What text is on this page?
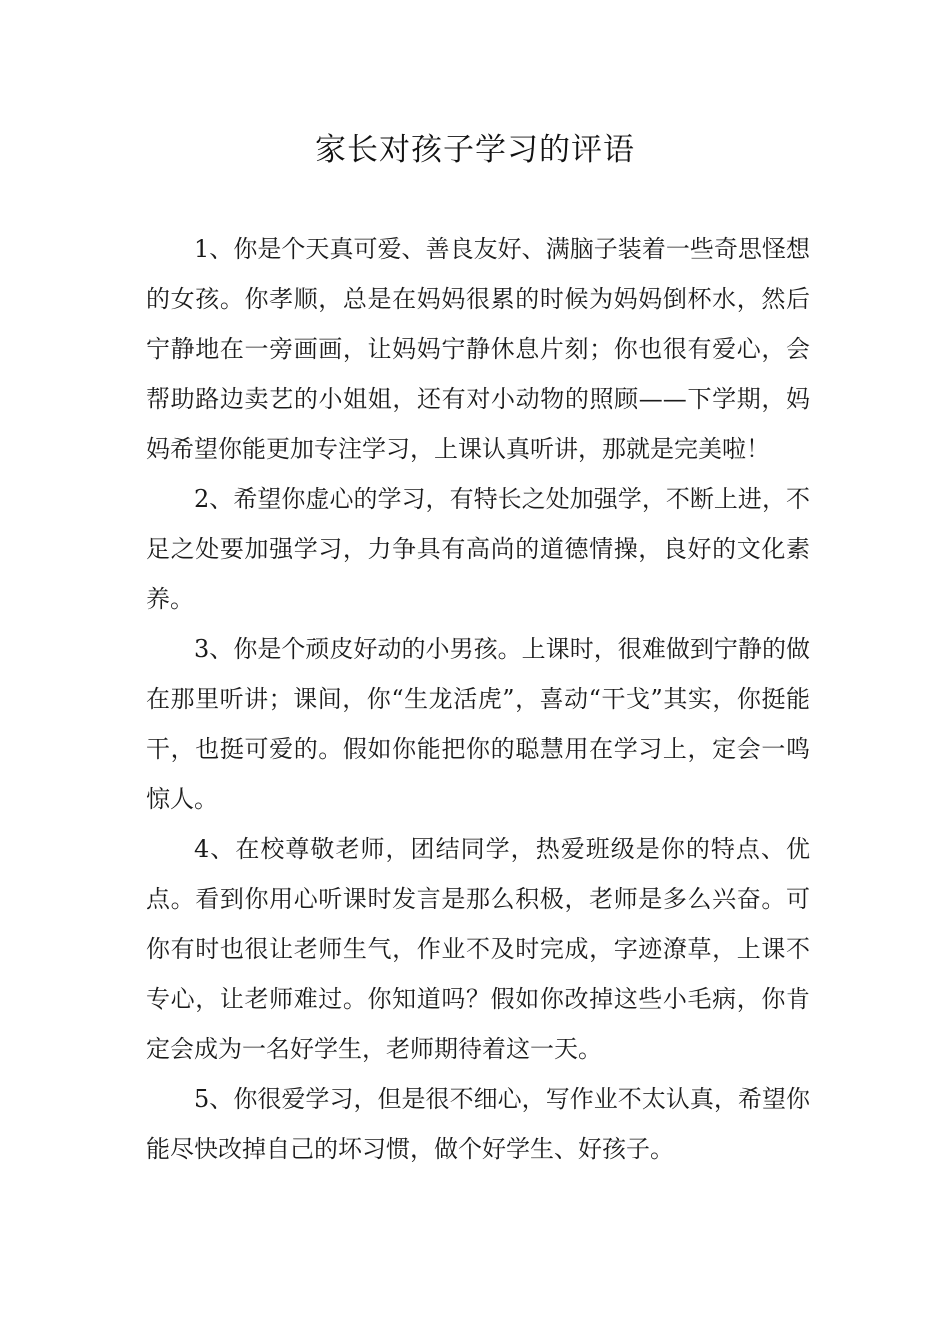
家长对孩子学习的评语

1、你是个天真可爱、善良友好、满脑子装着一些奇思怪想的女孩。你孝顺，总是在妈妈很累的时候为妈妈倒杯水，然后宁静地在一旁画画，让妈妈宁静休息片刻；你也很有爱心，会帮助路边卖艺的小姐姐，还有对小动物的照顾——下学期，妈妈希望你能更加专注学习，上课认真听讲，那就是完美啦！

2、希望你虚心的学习，有特长之处加强学，不断上进，不足之处要加强学习，力争具有高尚的道德情操，良好的文化素养。

3、你是个顽皮好动的小男孩。上课时，很难做到宁静的做在那里听讲；课间，你“生龙活虎”，喜动“干戈”其实，你挺能干，也挺可爱的。假如你能把你的聪慧用在学习上，定会一鸣惊人。

4、在校尊敬老师，团结同学，热爱班级是你的特点、优点。看到你用心听课时发言是那么积极，老师是多么兴奋。可你有时也很让老师生气，作业不及时完成，字迹潦草，上课不专心，让老师难过。你知道吗？假如你改掉这些小毛病，你肯定会成为一名好学生，老师期待着这一天。

5、你很爱学习，但是很不细心，写作业不太认真，希望你能尽快改掉自己的坏习惯，做个好学生、好孩子。
